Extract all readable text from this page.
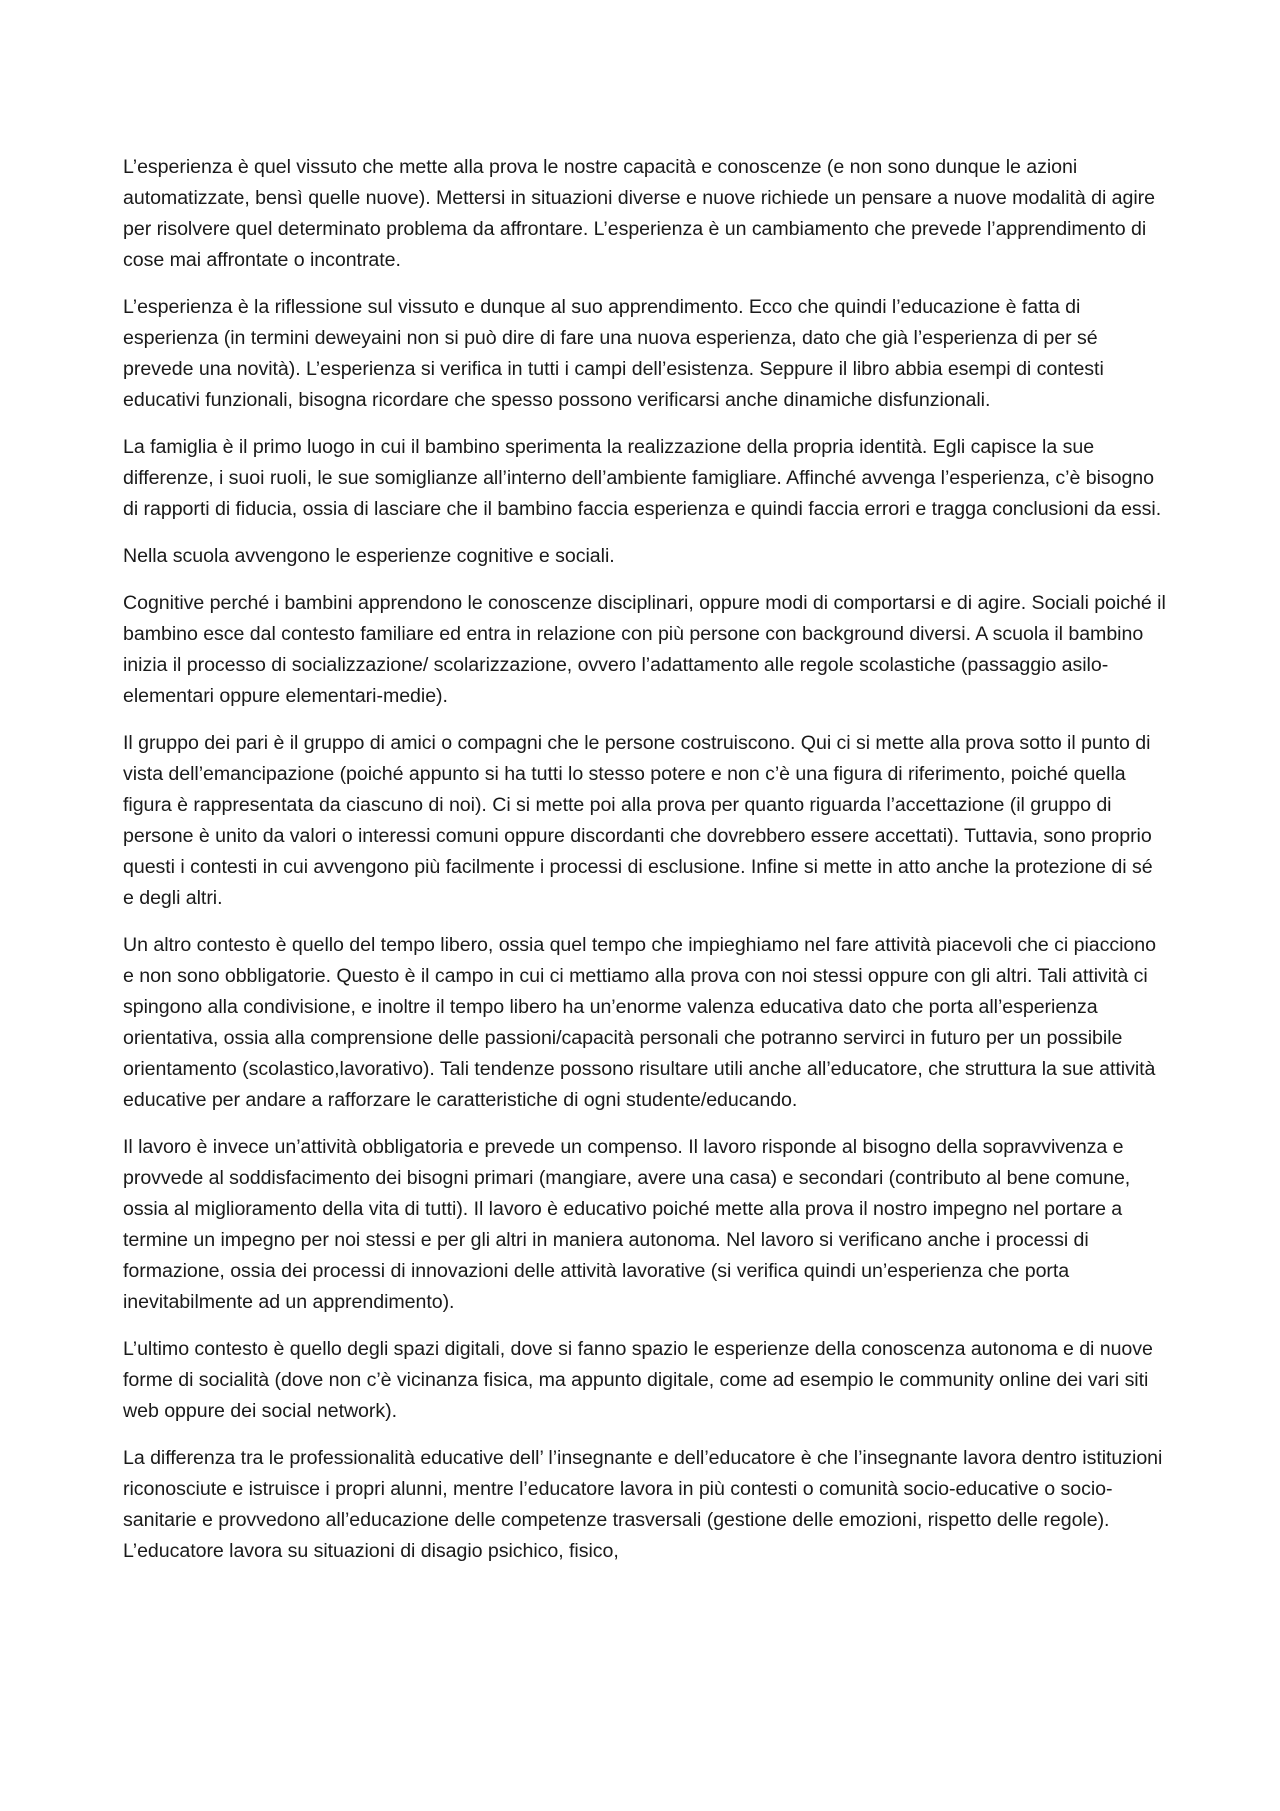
L’esperienza è quel vissuto che mette alla prova le nostre capacità e conoscenze (e non sono dunque le azioni automatizzate, bensì quelle nuove). Mettersi in situazioni diverse e nuove richiede un pensare a nuove modalità di agire per risolvere quel determinato problema da affrontare. L’esperienza è un cambiamento che prevede l’apprendimento di cose mai affrontate o incontrate.

L’esperienza è la riflessione sul vissuto e dunque al suo apprendimento. Ecco che quindi l’educazione è fatta di esperienza (in termini deweyaini non si può dire di fare una nuova esperienza, dato che già l’esperienza di per sé prevede una novità). L’esperienza si verifica in tutti i campi dell’esistenza. Seppure il libro abbia esempi di contesti educativi funzionali, bisogna ricordare che spesso possono verificarsi anche dinamiche disfunzionali.

La famiglia è il primo luogo in cui il bambino sperimenta la realizzazione della propria identità. Egli capisce la sue differenze, i suoi ruoli, le sue somiglianze all’interno dell’ambiente famigliare. Affinché avvenga l’esperienza, c’è bisogno di rapporti di fiducia, ossia di lasciare che il bambino faccia esperienza e quindi faccia errori e tragga conclusioni da essi.

Nella scuola avvengono le esperienze cognitive e sociali.

Cognitive perché i bambini apprendono le conoscenze disciplinari, oppure modi di comportarsi e di agire. Sociali poiché il bambino esce dal contesto familiare ed entra in relazione con più persone con background diversi. A scuola il bambino inizia il processo di socializzazione/ scolarizzazione, ovvero l’adattamento alle regole scolastiche (passaggio asilo-elementari oppure elementari-medie).

Il gruppo dei pari è il gruppo di amici o compagni che le persone costruiscono. Qui ci si mette alla prova sotto il punto di vista dell’emancipazione (poiché appunto si ha tutti lo stesso potere e non c’è una figura di riferimento, poiché quella figura è rappresentata da ciascuno di noi). Ci si mette poi alla prova per quanto riguarda l’accettazione (il gruppo di persone è unito da valori o interessi comuni oppure discordanti che dovrebbero essere accettati). Tuttavia, sono proprio questi i contesti in cui avvengono più facilmente i processi di esclusione. Infine si mette in atto anche la protezione di sé e degli altri.

Un altro contesto è quello del tempo libero, ossia quel tempo che impieghiamo nel fare attività piacevoli che ci piacciono e non sono obbligatorie. Questo è il campo in cui ci mettiamo alla prova con noi stessi oppure con gli altri. Tali attività ci spingono alla condivisione, e inoltre il tempo libero ha un’enorme valenza educativa dato che porta all’esperienza orientativa, ossia alla comprensione delle passioni/capacità personali che potranno servirci in futuro per un possibile orientamento (scolastico,lavorativo). Tali tendenze possono risultare utili anche all’educatore, che struttura la sue attività educative per andare a rafforzare le caratteristiche di ogni studente/educando.

Il lavoro è invece un’attività obbligatoria e prevede un compenso. Il lavoro risponde al bisogno della sopravvivenza e provvede al soddisfacimento dei bisogni primari (mangiare, avere una casa) e secondari (contributo al bene comune, ossia al miglioramento della vita di tutti). Il lavoro è educativo poiché mette alla prova il nostro impegno nel portare a termine un impegno per noi stessi e per gli altri in maniera autonoma. Nel lavoro si verificano anche i processi di formazione, ossia dei processi di innovazioni delle attività lavorative (si verifica quindi un’esperienza che porta inevitabilmente ad un apprendimento).

L’ultimo contesto è quello degli spazi digitali, dove si fanno spazio le esperienze della conoscenza autonoma e di nuove forme di socialità (dove non c’è vicinanza fisica, ma appunto digitale, come ad esempio le community online dei vari siti web oppure dei social network).

La differenza tra le professionalità educative dell’ l’insegnante e dell’educatore è che l’insegnante lavora dentro istituzioni riconosciute e istruisce i propri alunni, mentre l’educatore lavora in più contesti o comunità socio-educative o socio-sanitarie e provvedono all’educazione delle competenze trasversali (gestione delle emozioni, rispetto delle regole). L’educatore lavora su situazioni di disagio psichico, fisico,
